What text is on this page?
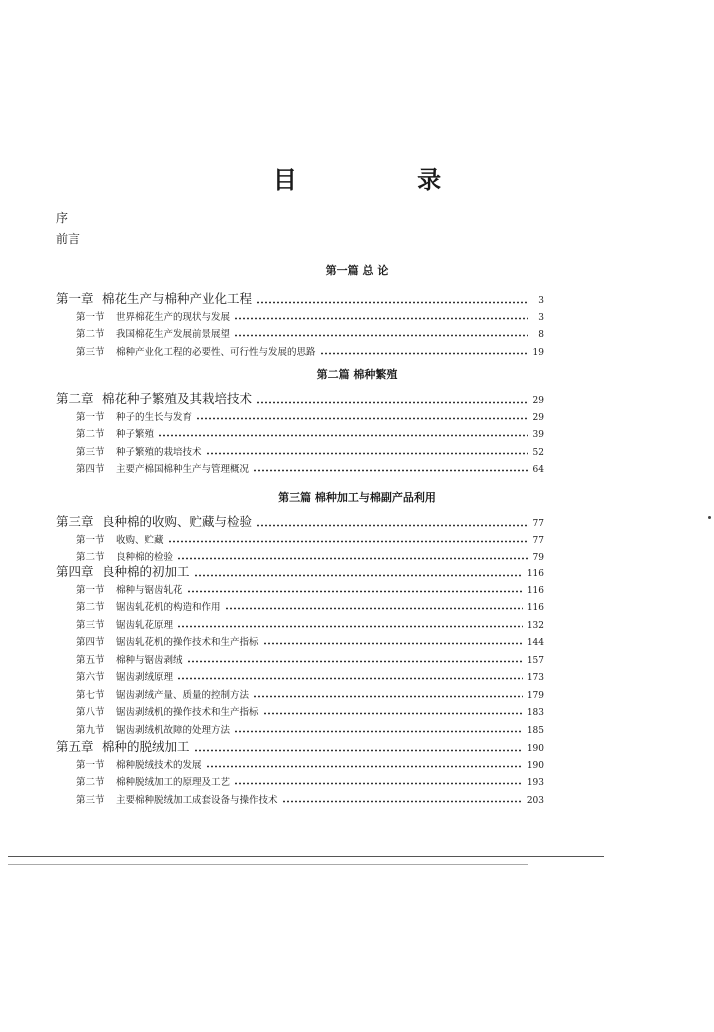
目 录
序
前言
第一篇 总 论
第一章 棉花生产与棉种产业化工程	3
第一节	世界棉花生产的现状与发展	3
第二节	我国棉花生产发展前景展望	8
第三节	棉种产业化工程的必要性、可行性与发展的思路	19
第二篇 棉种繁殖
第二章 棉花种子繁殖及其栽培技术	29
第一节	种子的生长与发育	29
第二节	种子繁殖	39
第三节	种子繁殖的栽培技术	52
第四节	主要产棉国棉种生产与管理概况	64
第三篇 棉种加工与棉副产品利用
第三章 良种棉的收购、贮藏与检验	77
第一节	收购、贮藏	77
第二节	良种棉的检验	79
第四章 良种棉的初加工	116
第一节	棉种与锯齿轧花	116
第二节	锯齿轧花机的构造和作用	116
第三节	锯齿轧花原理	132
第四节	锯齿轧花机的操作技术和生产指标	144
第五节	棉种与锯齿剥绒	157
第六节	锯齿剥绒原理	173
第七节	锯齿剥绒产量、质量的控制方法	179
第八节	锯齿剥绒机的操作技术和生产指标	183
第九节	锯齿剥绒机故障的处理方法	185
第五章 棉种的脱绒加工	190
第一节	棉种脱绒技术的发展	190
第二节	棉种脱绒加工的原理及工艺	193
第三节	主要棉种脱绒加工成套设备与操作技术	203
